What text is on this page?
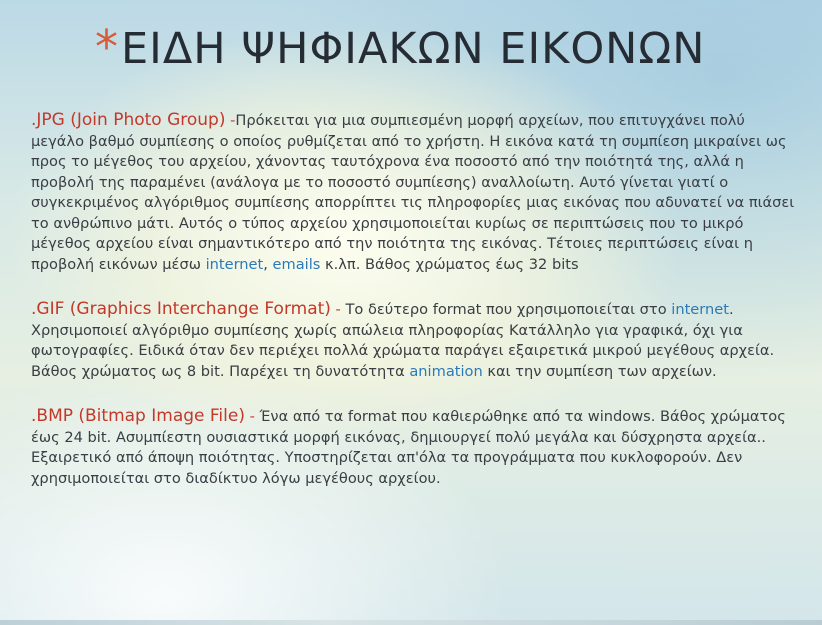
*ΕΙΔΗ ΨΗΦΙΑΚΩΝ ΕΙΚΟΝΩΝ

.JPG (Join Photo Group) -Πρόκειται για μια συμπιεσμένη μορφή αρχείων, που επιτυγχάνει πολύ μεγάλο βαθμό συμπίεσης ο οποίος ρυθμίζεται από το χρήστη. Η εικόνα κατά τη συμπίεση μικραίνει ως προς το μέγεθος του αρχείου, χάνοντας ταυτόχρονα ένα ποσοστό από την ποιότητά της, αλλά η προβολή της παραμένει (ανάλογα με το ποσοστό συμπίεσης) αναλλοίωτη. Αυτό γίνεται γιατί ο συγκεκριμένος αλγόριθμος συμπίεσης απορρίπτει τις πληροφορίες μιας εικόνας που αδυνατεί να πιάσει το ανθρώπινο μάτι. Αυτός ο τύπος αρχείου χρησιμοποιείται κυρίως σε περιπτώσεις που το μικρό μέγεθος αρχείου είναι σημαντικότερο από την ποιότητα της εικόνας. Τέτοιες περιπτώσεις είναι η προβολή εικόνων μέσω internet, emails κ.λπ. Βάθος χρώματος έως 32 bits

.GIF (Graphics Interchange Format) - Το δεύτερο format που χρησιμοποιείται στο internet. Χρησιμοποιεί αλγόριθμο συμπίεσης χωρίς απώλεια πληροφορίας Κατάλληλο για γραφικά, όχι για φωτογραφίες. Ειδικά όταν δεν περιέχει πολλά χρώματα παράγει εξαιρετικά μικρού μεγέθους αρχεία. Βάθος χρώματος ως 8 bit. Παρέχει τη δυνατότητα animation και την συμπίεση των αρχείων.

.BMP (Bitmap Image File) - Ένα από τα format που καθιερώθηκε από τα windows. Βάθος χρώματος έως 24 bit. Ασυμπίεστη ουσιαστικά μορφή εικόνας, δημιουργεί πολύ μεγάλα και δύσχρηστα αρχεία.. Εξαιρετικό από άποψη ποιότητας. Υποστηρίζεται απ'όλα τα προγράμματα που κυκλοφορούν. Δεν χρησιμοποιείται στο διαδίκτυο λόγω μεγέθους αρχείου.
